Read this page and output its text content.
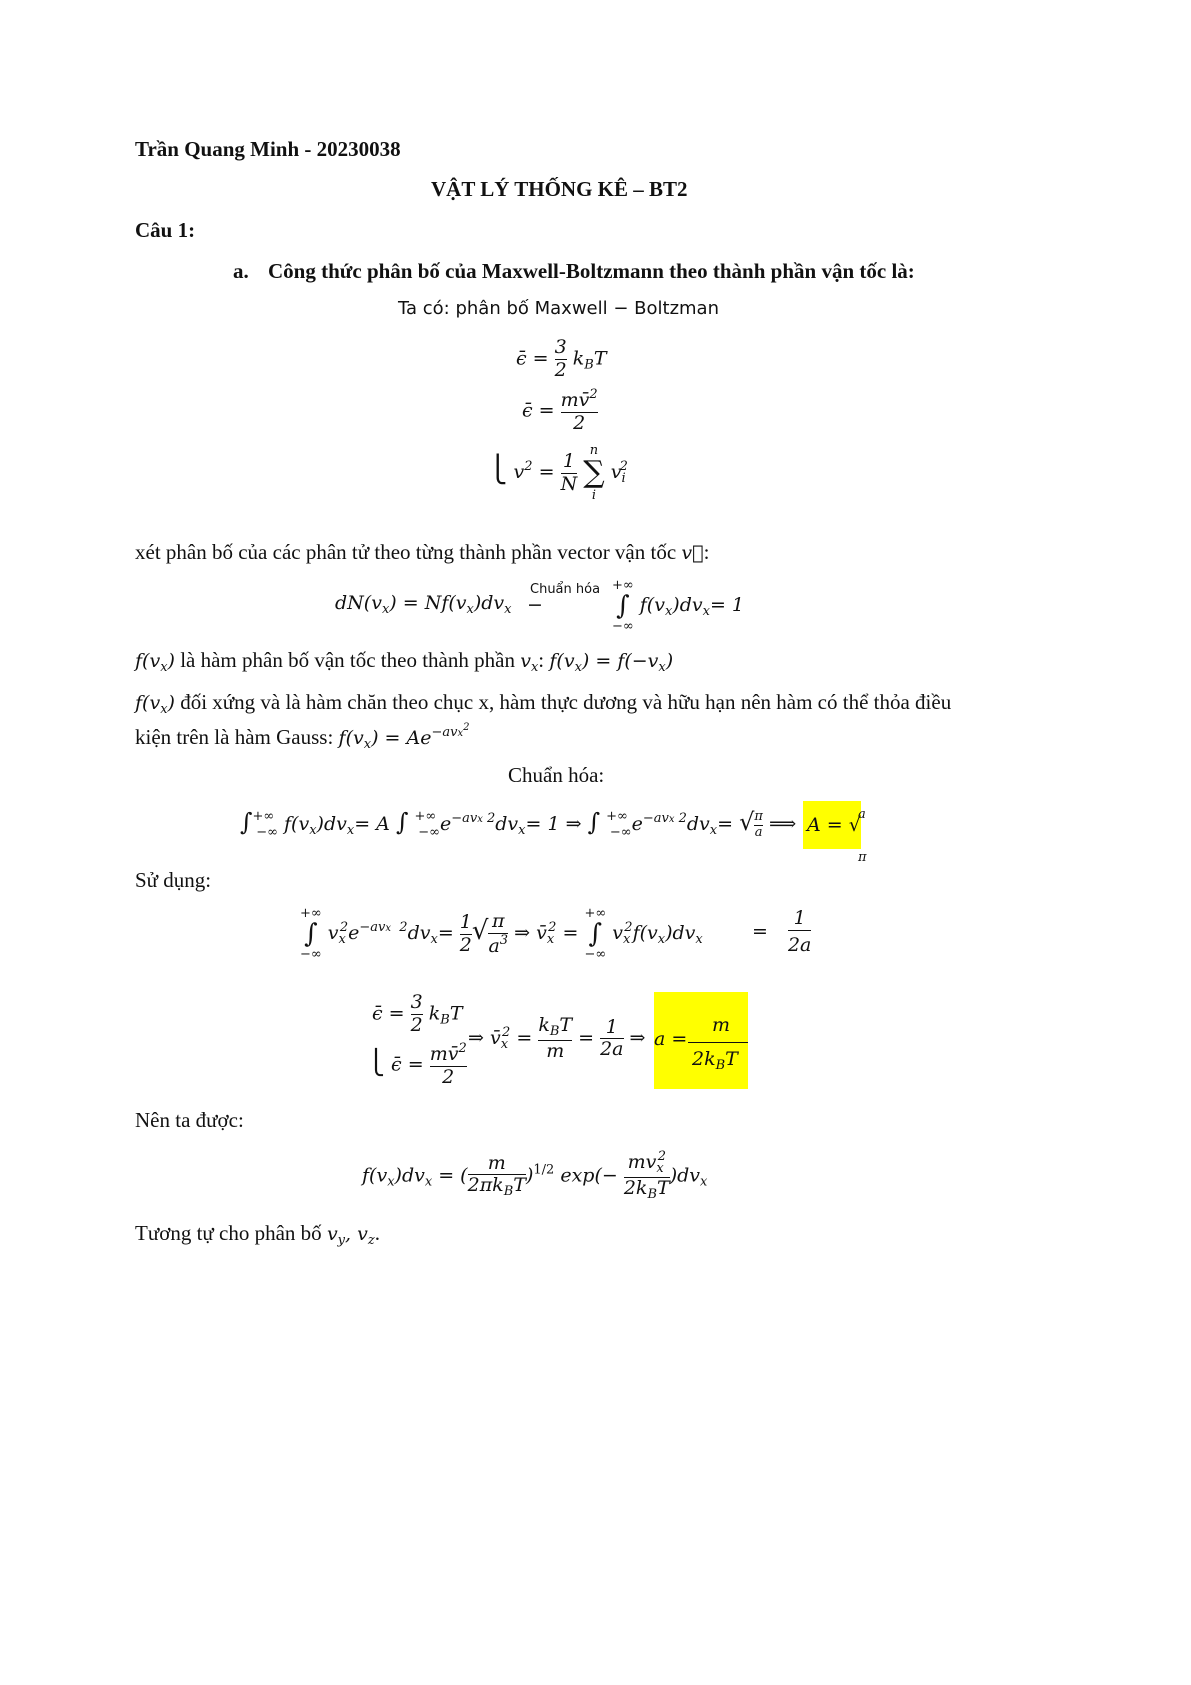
Trần Quang Minh - 20230038
VẬT LÝ THỐNG KÊ – BT2
Câu 1:
a. Công thức phân bố của Maxwell-Boltzmann theo thành phần vận tốc là:
Ta có: phân bố Maxwell − Boltzman
ϵ̄ = $\frac{3}{2} k_BT$
ϵ̄ = $\frac{mv̄^2}{2}$
⎩ $v^2 = \frac{1}{N}$

n
∑
i
$v_i^2$
xét phân bố của các phân tử theo từng thành phần vector vận tốc v⃗:
$dN(v_x) = Nf(v_x)dv_x$
Chuẩn hóa
−
+∞
∫
−∞
$f(v_x)dv_x= 1$
$f(v_x)$ là hàm phân bố vận tốc theo thành phần $v_x$: $f(v_x) = f(-v_x)$
$f(v_x)$ đối xứng và là hàm chăn theo chục x, hàm thực dương và hữu hạn nên hàm có thể thỏa điều
kiện trên là hàm Gauss: $f(v_x) = Ae^{-avx^2}$
Chuẩn hóa:
$\int^{+\infty}_{-\infty}$ $f(v_x)dv_x= A$ ∫ $^{+\infty}_{-\infty}e^{-avx 2}dv_x= 1$ ⇒ ∫ $^{+\infty}_{-\infty}e^{-avx 2}dv_x=$ √ $\frac{\pi}{a}$ ⟹ A = √
a
π
Sử dụng:
+∞
∫
−∞
$v_x^2e^{-avx 2}dv_x= \frac{1}{2}$ √ $\frac{\pi}{a^3}$ ⇒ $v̄_x^2$ =
+∞
∫
−∞
$v_x^2f(v_x)dv_x$	= $\frac{1}{2a}$
ϵ̄ = $\frac{3}{2} k_BT$
⎩ ϵ̄ = $\frac{mv̄^2}{2}$
⇒ $v̄_x^2 = \frac{k_BT}{m} = \frac{1}{2a}$ ⇒ a =
m
$2k_BT$
Nên ta được:
$f(v_x)dv_x$ = ( $\frac{m}{2\pi k_BT} )^{1/2}$ $\exp(- \frac{mv_x^2}{2k_BT} )dv_x$
Tương tự cho phân bố $v_y$, $v_z$.
